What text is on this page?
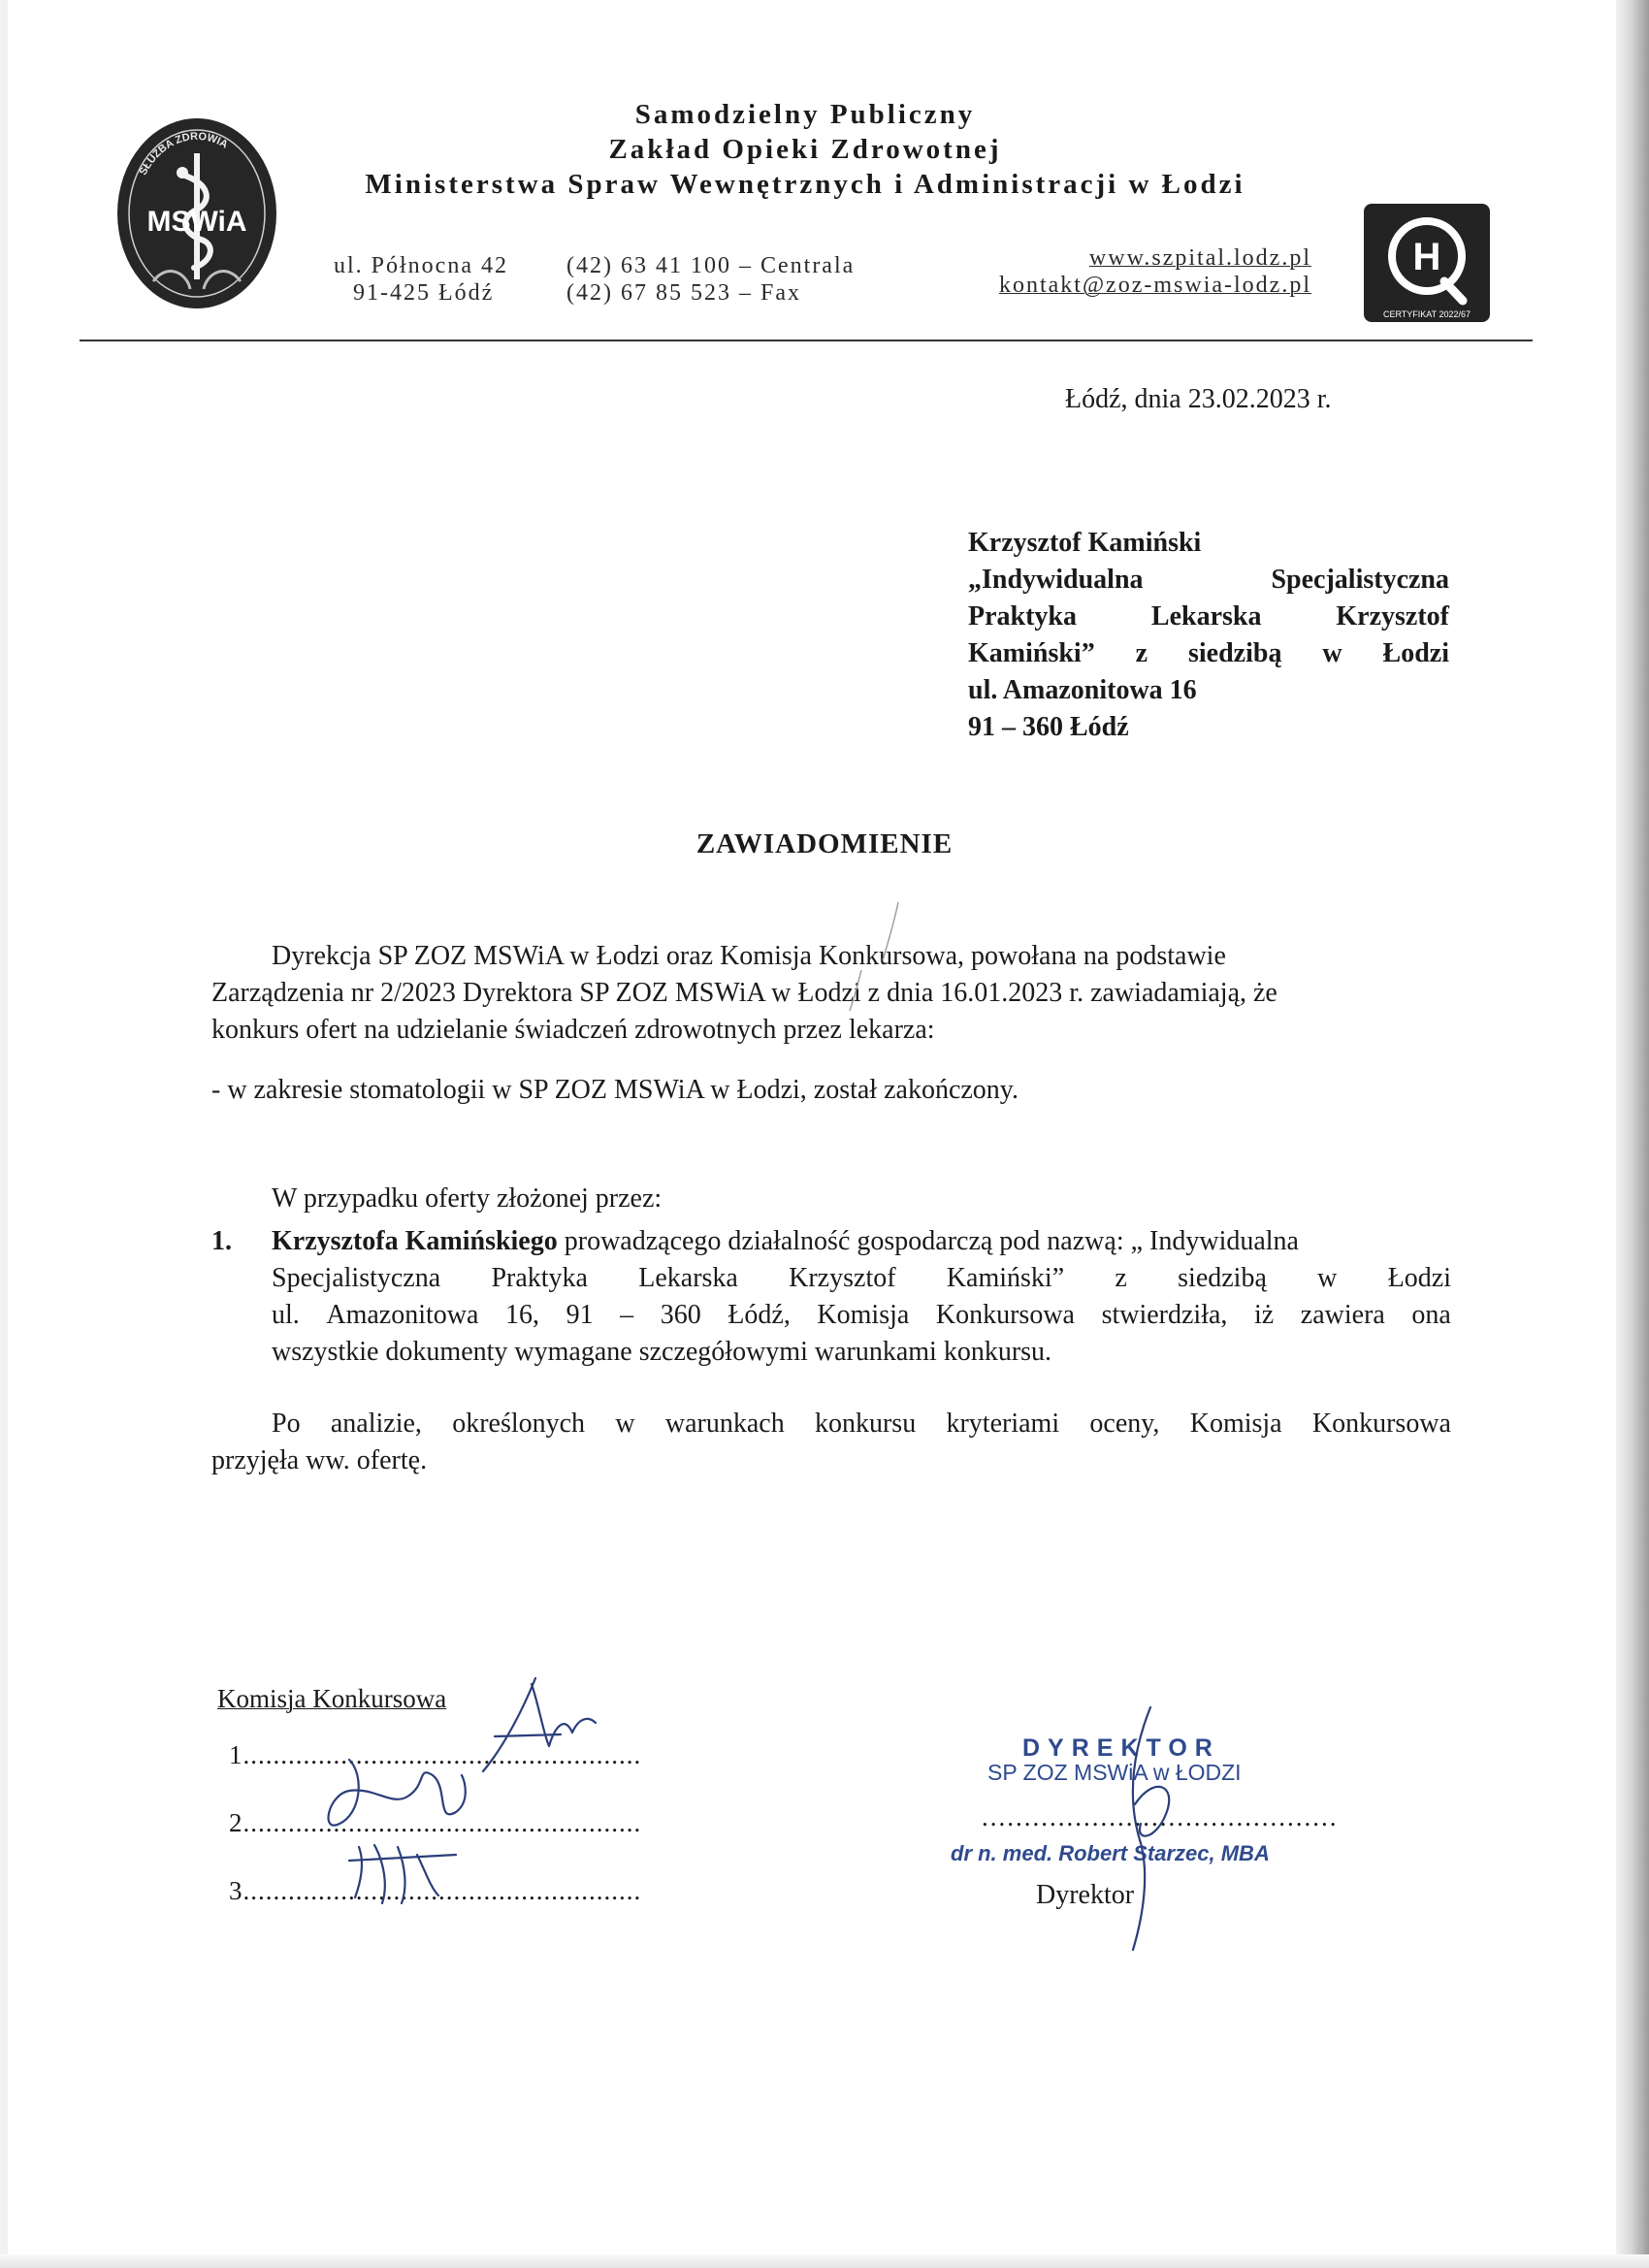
SŁUŻBA ZDROWIA
MSWiA
Samodzielny Publiczny
Zakład Opieki Zdrowotnej
Ministerstwa Spraw Wewnętrznych i Administracji w Łodzi
ul. Północna 42
91-425 Łódź
(42) 63 41 100 – Centrala
(42) 67 85 523 – Fax
www.szpital.lodz.pl
kontakt@zoz-mswia-lodz.pl
H
CERTYFIKAT 2022/67
Łódź, dnia 23.02.2023 r.
Krzysztof Kamiński
„Indywidualna	Specjalistyczna
Praktyka	Lekarska	Krzysztof
Kamiński” z siedzibą w Łodzi
ul. Amazonitowa 16
91 – 360 Łódź
ZAWIADOMIENIE
Dyrekcja SP ZOZ MSWiA w Łodzi oraz Komisja Konkursowa, powołana na podstawie
Zarządzenia nr 2/2023 Dyrektora SP ZOZ MSWiA w Łodzi z dnia 16.01.2023 r. zawiadamiają, że
konkurs ofert na udzielanie świadczeń zdrowotnych przez lekarza:
- w zakresie stomatologii w SP ZOZ MSWiA w Łodzi, został zakończony.
W przypadku oferty złożonej przez:
1. Krzysztofa Kamińskiego prowadzącego działalność gospodarczą pod nazwą: „ Indywidualna
Specjalistyczna Praktyka Lekarska Krzysztof Kamiński” z siedzibą w Łodzi
ul. Amazonitowa 16, 91 – 360 Łódź, Komisja Konkursowa stwierdziła, iż zawiera ona
wszystkie dokumenty wymagane szczegółowymi warunkami konkursu.
Po analizie, określonych w warunkach konkursu kryteriami oceny, Komisja Konkursowa
przyjęła ww. ofertę.
Komisja Konkursowa
1.....................................................
2.....................................................
3.....................................................
DYREKTOR
SP ZOZ MSWiA w ŁODZI
..........................................
dr n. med. Robert Starzec, MBA
Dyrektor
